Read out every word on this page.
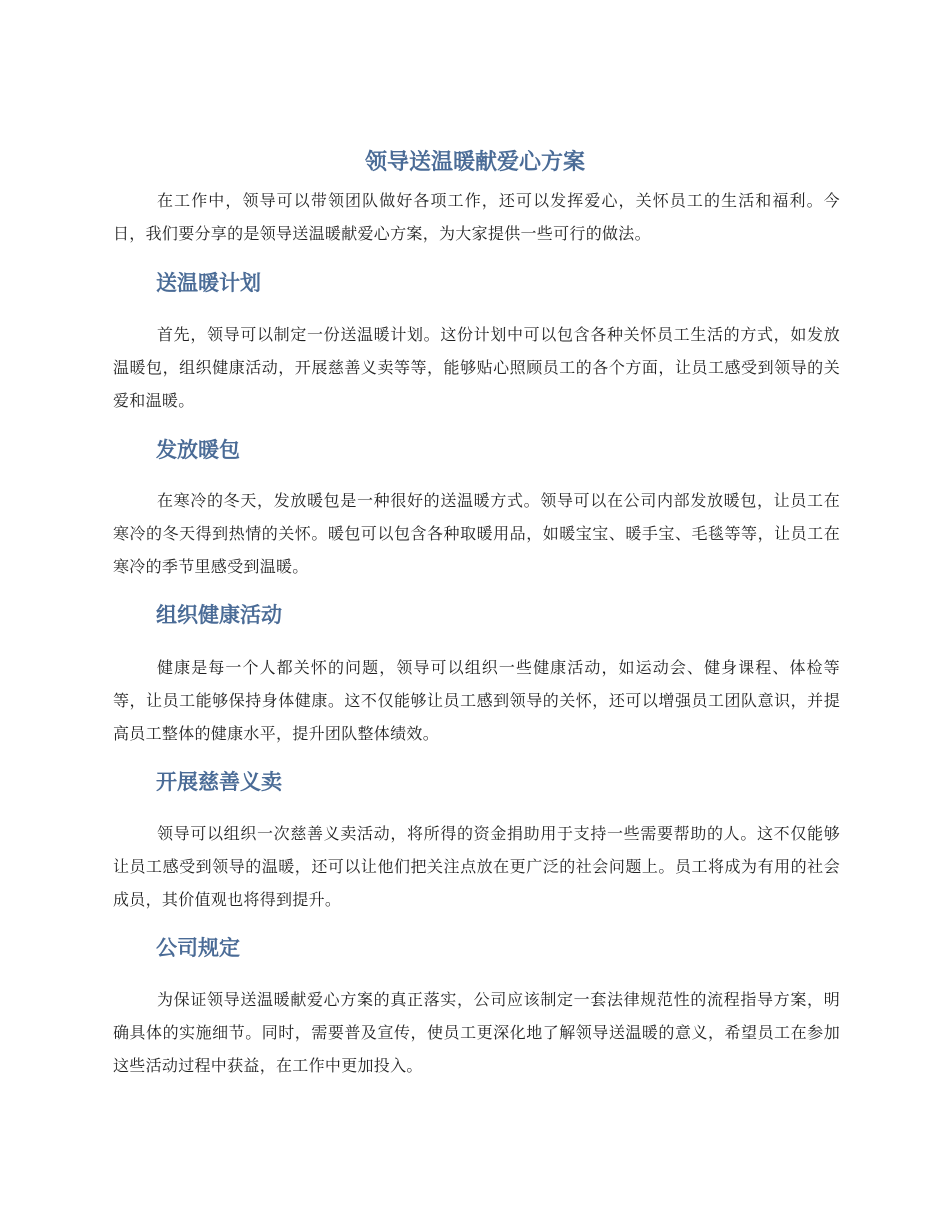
领导送温暖献爱心方案

在工作中，领导可以带领团队做好各项工作，还可以发挥爱心，关怀员工的生活和福利。今日，我们要分享的是领导送温暖献爱心方案，为大家提供一些可行的做法。

送温暖计划

首先，领导可以制定一份送温暖计划。这份计划中可以包含各种关怀员工生活的方式，如发放温暖包，组织健康活动，开展慈善义卖等等，能够贴心照顾员工的各个方面，让员工感受到领导的关爱和温暖。

发放暖包

在寒冷的冬天，发放暖包是一种很好的送温暖方式。领导可以在公司内部发放暖包，让员工在寒冷的冬天得到热情的关怀。暖包可以包含各种取暖用品，如暖宝宝、暖手宝、毛毯等等，让员工在寒冷的季节里感受到温暖。

组织健康活动

健康是每一个人都关怀的问题，领导可以组织一些健康活动，如运动会、健身课程、体检等等，让员工能够保持身体健康。这不仅能够让员工感到领导的关怀，还可以增强员工团队意识，并提高员工整体的健康水平，提升团队整体绩效。

开展慈善义卖

领导可以组织一次慈善义卖活动，将所得的资金捐助用于支持一些需要帮助的人。这不仅能够让员工感受到领导的温暖，还可以让他们把关注点放在更广泛的社会问题上。员工将成为有用的社会成员，其价值观也将得到提升。

公司规定

为保证领导送温暖献爱心方案的真正落实，公司应该制定一套法律规范性的流程指导方案，明确具体的实施细节。同时，需要普及宣传，使员工更深化地了解领导送温暖的意义，希望员工在参加这些活动过程中获益，在工作中更加投入。
